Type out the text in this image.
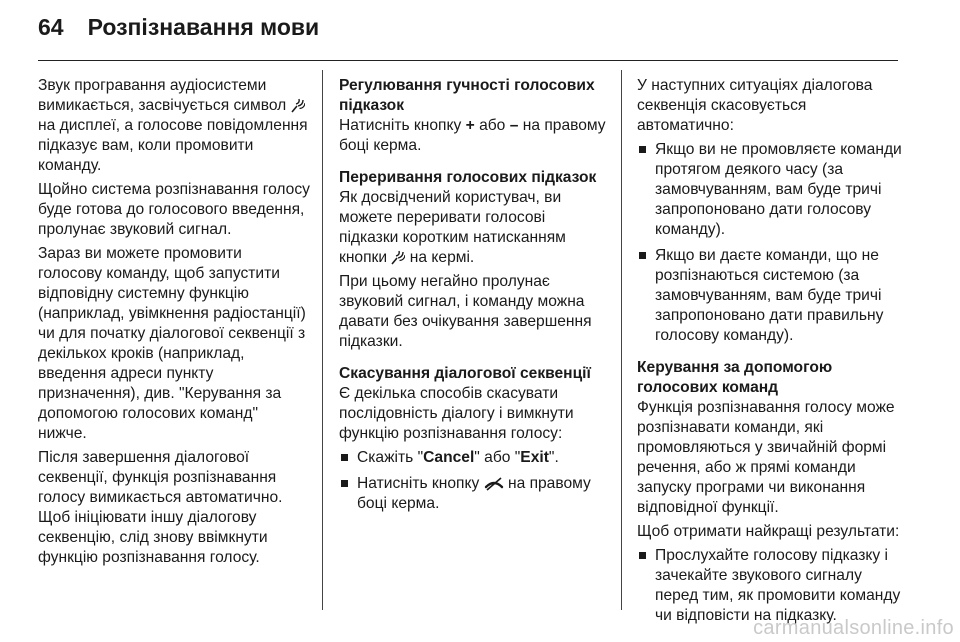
64 Розпізнавання мови

Звук програвання аудіосистеми вимикається, засвічується символ  на дисплеї, а голосове повідомлення підказує вам, коли промовити команду.

Щойно система розпізнавання голосу буде готова до голосового введення, пролунає звуковий сигнал.

Зараз ви можете промовити голосову команду, щоб запустити відповідну системну функцію (наприклад, увімкнення радіостанції) чи для початку діалогової секвенції з декількох кроків (наприклад, введення адреси пункту призначення), див. "Керування за допомогою голосових команд" нижче.

Після завершення діалогової секвенції, функція розпізнавання голосу вимикається автоматично. Щоб ініціювати іншу діалогову секвенцію, слід знову ввімкнути функцію розпізнавання голосу.

Регулювання гучності голосових підказок

Натисніть кнопку + або – на правому боці керма.

Переривання голосових підказок

Як досвідчений користувач, ви можете переривати голосові підказки коротким натисканням кнопки на кермі.

При цьому негайно пролунає звуковий сигнал, і команду можна давати без очікування завершення підказки.

Скасування діалогової секвенції

Є декілька способів скасувати послідовність діалогу і вимкнути функцію розпізнавання голосу:

Скажіть "Cancel" або "Exit".
Натисніть кнопку на правому боці керма.

У наступних ситуаціях діалогова секвенція скасовується автоматично:

Якщо ви не промовляєте команди протягом деякого часу (за замовчуванням, вам буде тричі запропоновано дати голосову команду).
Якщо ви даєте команди, що не розпізнаються системою (за замовчуванням, вам буде тричі запропоновано дати правильну голосову команду).
Керування за допомогою голосових команд

Функція розпізнавання голосу може розпізнавати команди, які промовляються у звичайній формі речення, або ж прямі команди запуску програми чи виконання відповідної функції.

Щоб отримати найкращі результати:

Прослухайте голосову підказку і зачекайте звукового сигналу перед тим, як промовити команду чи відповісти на підказку.
carmanualsonline.info
